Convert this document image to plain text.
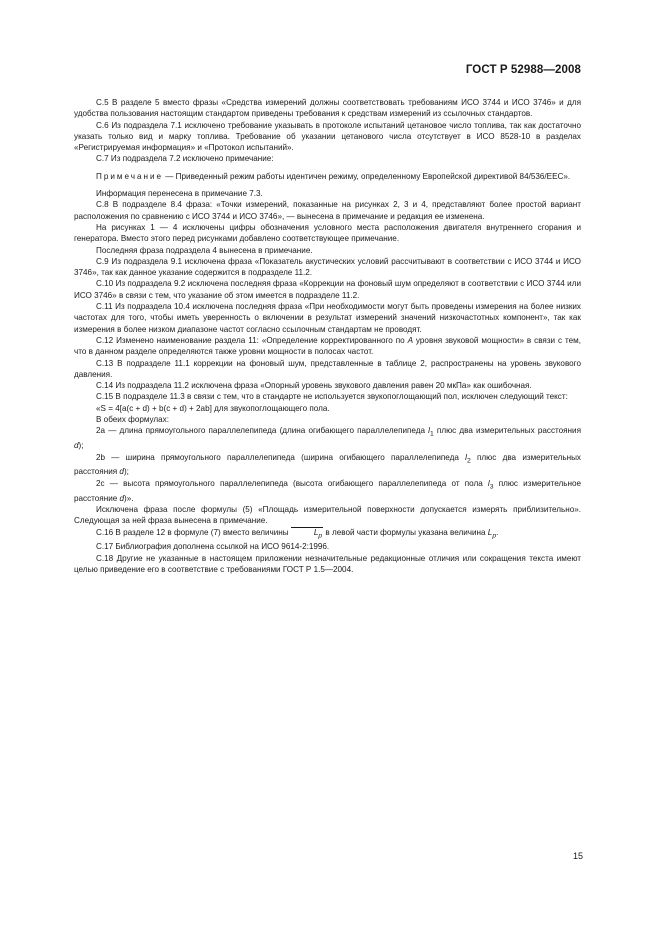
ГОСТ Р 52988—2008

С.5 В разделе 5 вместо фразы «Средства измерений должны соответствовать требованиям ИСО 3744 и ИСО 3746» и для удобства пользования настоящим стандартом приведены требования к средствам измерений из ссылочных стандартов.

С.6 Из подраздела 7.1 исключено требование указывать в протоколе испытаний цетановое число топлива, так как достаточно указать только вид и марку топлива. Требование об указании цетанового числа отсутствует в ИСО 8528-10 в разделах «Регистрируемая информация» и «Протокол испытаний».

С.7 Из подраздела 7.2 исключено примечание:

Примечание — Приведенный режим работы идентичен режиму, определенному Европейской директивой 84/536/ЕЕС».

Информация перенесена в примечание 7.3.

С.8 В подразделе 8.4 фраза: «Точки измерений, показанные на рисунках 2, 3 и 4, представляют более простой вариант расположения по сравнению с ИСО 3744 и ИСО 3746», — вынесена в примечание и редакция ее изменена.

На рисунках 1 — 4 исключены цифры обозначения условного места расположения двигателя внутреннего сгорания и генератора. Вместо этого перед рисунками добавлено соответствующее примечание.

Последняя фраза подраздела 4 вынесена в примечание.

С.9 Из подраздела 9.1 исключена фраза «Показатель акустических условий рассчитывают в соответствии с ИСО 3744 и ИСО 3746», так как данное указание содержится в подразделе 11.2.

С.10 Из подраздела 9.2 исключена последняя фраза «Коррекции на фоновый шум определяют в соответствии с ИСО 3744 или ИСО 3746» в связи с тем, что указание об этом имеется в подразделе 11.2.

С.11 Из подраздела 10.4 исключена последняя фраза «При необходимости могут быть проведены измерения на более низких частотах для того, чтобы иметь уверенность о включении в результат измерений значений низкочастотных компонент», так как измерения в более низком диапазоне частот согласно ссылочным стандартам не проводят.

С.12 Изменено наименование раздела 11: «Определение корректированного по А уровня звуковой мощности» в связи с тем, что в данном разделе определяются также уровни мощности в полосах частот.

С.13 В подразделе 11.1 коррекции на фоновый шум, представленные в таблице 2, распространены на уровень звукового давления.

С.14 Из подраздела 11.2 исключена фраза «Опорный уровень звукового давления равен 20 мкПа» как ошибочная.

С.15 В подразделе 11.3 в связи с тем, что в стандарте не используется звукопоглощающий пол, исключен следующий текст:

«S = 4[a(c + d) + b(c + d) + 2ab] для звукопоглощающего пола.

В обеих формулах:

2a — длина прямоугольного параллелепипеда (длина огибающего параллелепипеда $l_1$ плюс два измерительных расстояния d);

2b — ширина прямоугольного параллелепипеда (ширина огибающего параллелепипеда $l_2$ плюс два измерительных расстояния d);

2c — высота прямоугольного параллелепипеда (высота огибающего параллелепипеда от пола $l_3$ плюс измерительное расстояние d)».

Исключена фраза после формулы (5) «Площадь измерительной поверхности допускается измерять приблизительно». Следующая за ней фраза вынесена в примечание.

С.16 В разделе 12 в формуле (7) вместо величины	$L_p$ в левой части формулы указана величина $L_p$.

С.17 Библиография дополнена ссылкой на ИСО 9614-2:1996.

С.18 Другие не указанные в настоящем приложении незначительные редакционные отличия или сокращения текста имеют целью приведение его в соответствие с требованиями ГОСТ Р 1.5—2004.

15
